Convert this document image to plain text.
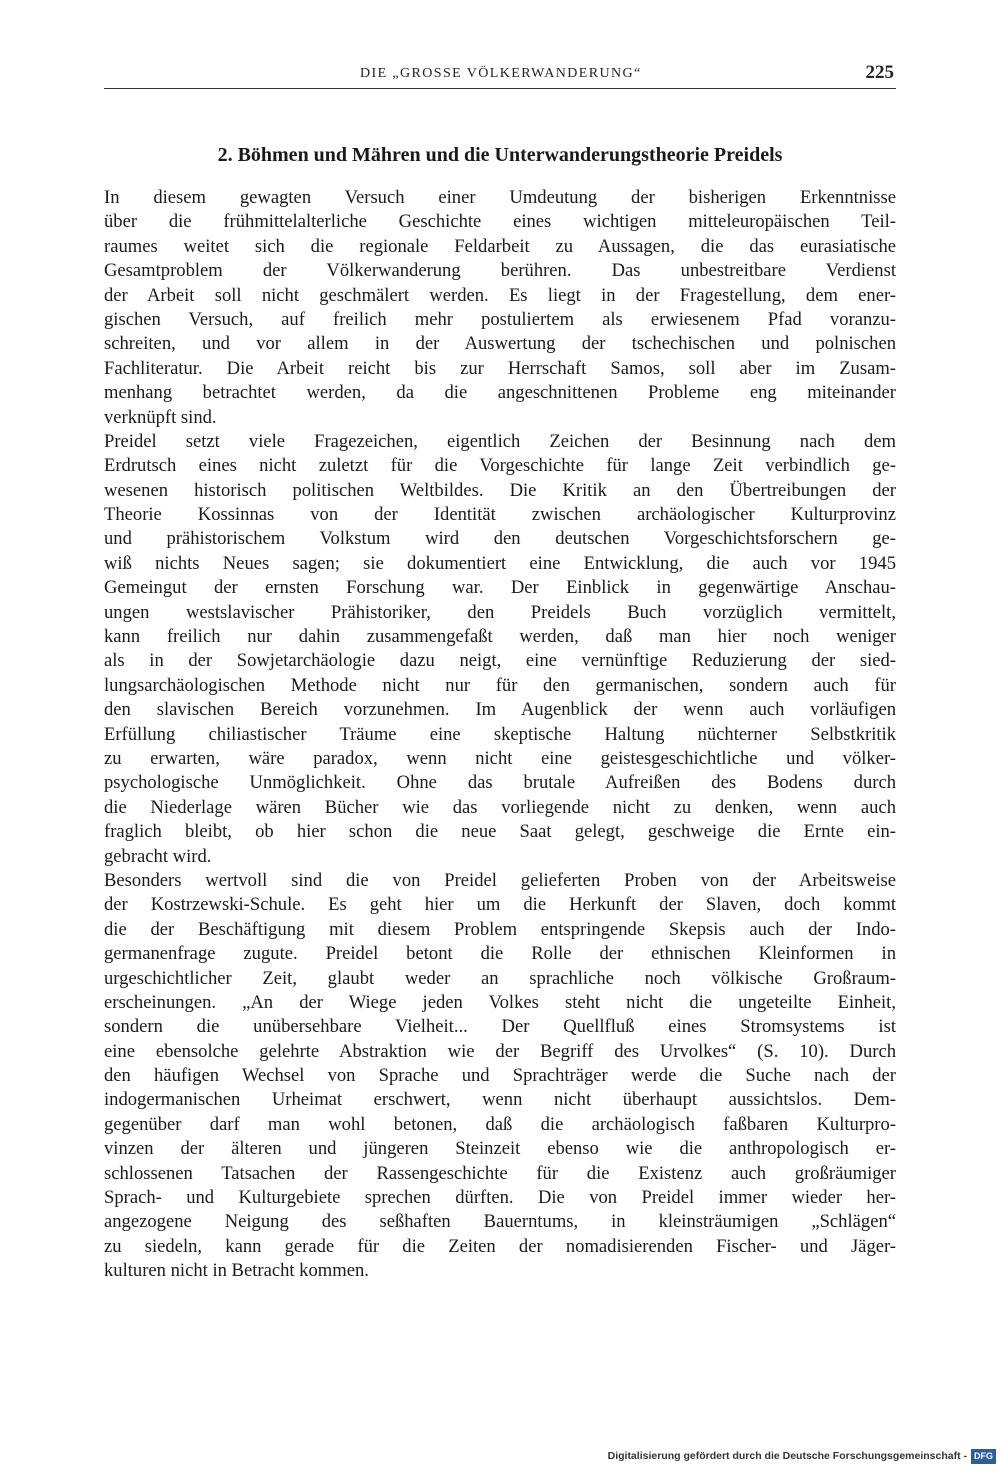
DIE „GROSSE VÖLKERWANDERUNG“	225
2. Böhmen und Mähren und die Unterwanderungstheorie Preidels
In diesem gewagten Versuch einer Umdeutung der bisherigen Erkenntnisse
über die frühmittelalterliche Geschichte eines wichtigen mitteleuropäischen Teil-
raumes weitet sich die regionale Feldarbeit zu Aussagen, die das eurasiatische
Gesamtproblem der Völkerwanderung berühren. Das unbestreitbare Verdienst
der Arbeit soll nicht geschmälert werden. Es liegt in der Fragestellung, dem ener-
gischen Versuch, auf freilich mehr postuliertem als erwiesenem Pfad voranzu-
schreiten, und vor allem in der Auswertung der tschechischen und polnischen
Fachliteratur. Die Arbeit reicht bis zur Herrschaft Samos, soll aber im Zusam-
menhang betrachtet werden, da die angeschnittenen Probleme eng miteinander
verknüpft sind.
Preidel setzt viele Fragezeichen, eigentlich Zeichen der Besinnung nach dem
Erdrutsch eines nicht zuletzt für die Vorgeschichte für lange Zeit verbindlich ge-
wesenen historisch politischen Weltbildes. Die Kritik an den Übertreibungen der
Theorie Kossinnas von der Identität zwischen archäologischer Kulturprovinz
und prähistorischem Volkstum wird den deutschen Vorgeschichtsforschern ge-
wiß nichts Neues sagen; sie dokumentiert eine Entwicklung, die auch vor 1945
Gemeingut der ernsten Forschung war. Der Einblick in gegenwärtige Anschau-
ungen westslavischer Prähistoriker, den Preidels Buch vorzüglich vermittelt,
kann freilich nur dahin zusammengefaßt werden, daß man hier noch weniger
als in der Sowjetarchäologie dazu neigt, eine vernünftige Reduzierung der sied-
lungsarchäologischen Methode nicht nur für den germanischen, sondern auch für
den slavischen Bereich vorzunehmen. Im Augenblick der wenn auch vorläufigen
Erfüllung chiliastischer Träume eine skeptische Haltung nüchterner Selbstkritik
zu erwarten, wäre paradox, wenn nicht eine geistesgeschichtliche und völker-
psychologische Unmöglichkeit. Ohne das brutale Aufreißen des Bodens durch
die Niederlage wären Bücher wie das vorliegende nicht zu denken, wenn auch
fraglich bleibt, ob hier schon die neue Saat gelegt, geschweige die Ernte ein-
gebracht wird.
Besonders wertvoll sind die von Preidel gelieferten Proben von der Arbeitsweise
der Kostrzewski-Schule. Es geht hier um die Herkunft der Slaven, doch kommt
die der Beschäftigung mit diesem Problem entspringende Skepsis auch der Indo-
germanenfrage zugute. Preidel betont die Rolle der ethnischen Kleinformen in
urgeschichtlicher Zeit, glaubt weder an sprachliche noch völkische Großraum-
erscheinungen. „An der Wiege jeden Volkes steht nicht die ungeteilte Einheit,
sondern die unübersehbare Vielheit... Der Quellfluß eines Stromsystems ist
eine ebensolche gelehrte Abstraktion wie der Begriff des Urvolkes“ (S. 10). Durch
den häufigen Wechsel von Sprache und Sprachträger werde die Suche nach der
indogermanischen Urheimat erschwert, wenn nicht überhaupt aussichtslos. Dem-
gegenüber darf man wohl betonen, daß die archäologisch faßbaren Kulturpro-
vinzen der älteren und jüngeren Steinzeit ebenso wie die anthropologisch er-
schlossenen Tatsachen der Rassengeschichte für die Existenz auch großräumiger
Sprach- und Kulturgebiete sprechen dürften. Die von Preidel immer wieder her-
angezogene Neigung des seßhaften Bauerntums, in kleinsträumigen „Schlägen“
zu siedeln, kann gerade für die Zeiten der nomadisierenden Fischer- und Jäger-
kulturen nicht in Betracht kommen.
Digitalisierung gefördert durch die Deutsche Forschungsgemeinschaft - DFG
